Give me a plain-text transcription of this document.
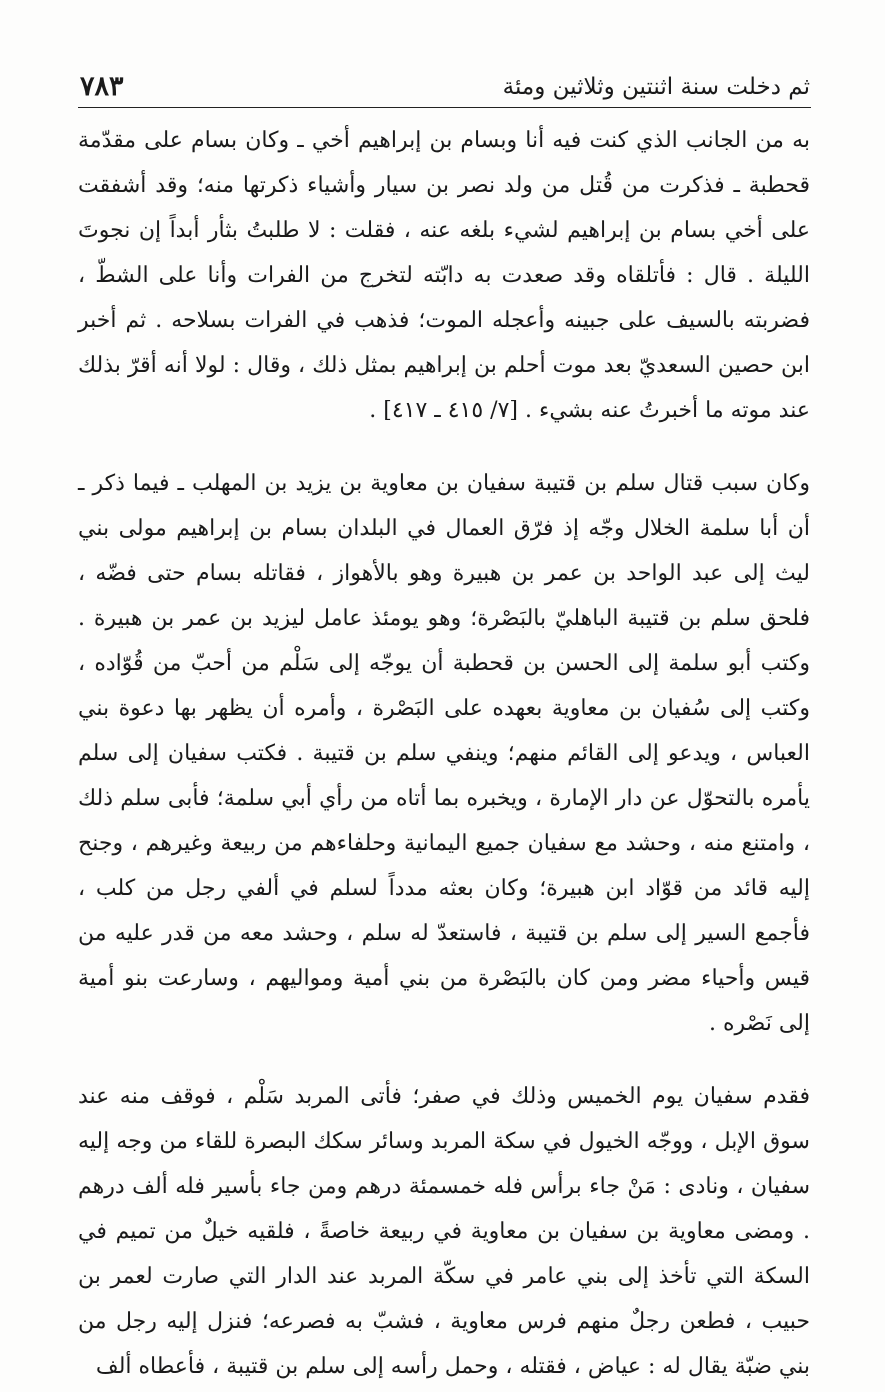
ثم دخلت سنة اثنتين وثلاثين ومئة
٧٨٣

به من الجانب الذي كنت فيه أنا وبسام بن إبراهيم أخي ـ وكان بسام على مقدّمة قحطبة ـ فذكرت من قُتل من ولد نصر بن سيار وأشياء ذكرتها منه؛ وقد أشفقت على أخي بسام بن إبراهيم لشيء بلغه عنه ، فقلت : لا طلبتُ بثأر أبداً إن نجوتَ الليلة . قال : فأتلقاه وقد صعدت به دابّته لتخرج من الفرات وأنا على الشطّ ، فضربته بالسيف على جبينه وأعجله الموت؛ فذهب في الفرات بسلاحه . ثم أخبر ابن حصين السعديّ بعد موت أحلم بن إبراهيم بمثل ذلك ، وقال : لولا أنه أقرّ بذلك عند موته ما أخبرتُ عنه بشيء . [٧/ ٤١٥ ـ ٤١٧] .

وكان سبب قتال سلم بن قتيبة سفيان بن معاوية بن يزيد بن المهلب ـ فيما ذكر ـ أن أبا سلمة الخلال وجّه إذ فرّق العمال في البلدان بسام بن إبراهيم مولى بني ليث إلى عبد الواحد بن عمر بن هبيرة وهو بالأهواز ، فقاتله بسام حتى فضّه ، فلحق سلم بن قتيبة الباهليّ بالبَصْرة؛ وهو يومئذ عامل ليزيد بن عمر بن هبيرة . وكتب أبو سلمة إلى الحسن بن قحطبة أن يوجّه إلى سَلْم من أحبّ من قُوّاده ، وكتب إلى سُفيان بن معاوية بعهده على البَصْرة ، وأمره أن يظهر بها دعوة بني العباس ، ويدعو إلى القائم منهم؛ وينفي سلم بن قتيبة . فكتب سفيان إلى سلم يأمره بالتحوّل عن دار الإمارة ، ويخبره بما أتاه من رأي أبي سلمة؛ فأبى سلم ذلك ، وامتنع منه ، وحشد مع سفيان جميع اليمانية وحلفاءهم من ربيعة وغيرهم ، وجنح إليه قائد من قوّاد ابن هبيرة؛ وكان بعثه مدداً لسلم في ألفي رجل من كلب ، فأجمع السير إلى سلم بن قتيبة ، فاستعدّ له سلم ، وحشد معه من قدر عليه من قيس وأحياء مضر ومن كان بالبَصْرة من بني أمية ومواليهم ، وسارعت بنو أمية إلى نَصْره .

فقدم سفيان يوم الخميس وذلك في صفر؛ فأتى المربد سَلْم ، فوقف منه عند سوق الإبل ، ووجّه الخيول في سكة المربد وسائر سكك البصرة للقاء من وجه إليه سفيان ، ونادى : مَنْ جاء برأس فله خمسمئة درهم ومن جاء بأسير فله ألف درهم . ومضى معاوية بن سفيان بن معاوية في ربيعة خاصةً ، فلقيه خيلٌ من تميم في السكة التي تأخذ إلى بني عامر في سكّة المربد عند الدار التي صارت لعمر بن حبيب ، فطعن رجلٌ منهم فرس معاوية ، فشبّ به فصرعه؛ فنزل إليه رجل من بني ضبّة يقال له : عياض ، فقتله ، وحمل رأسه إلى سلم بن قتيبة ، فأعطاه ألف
